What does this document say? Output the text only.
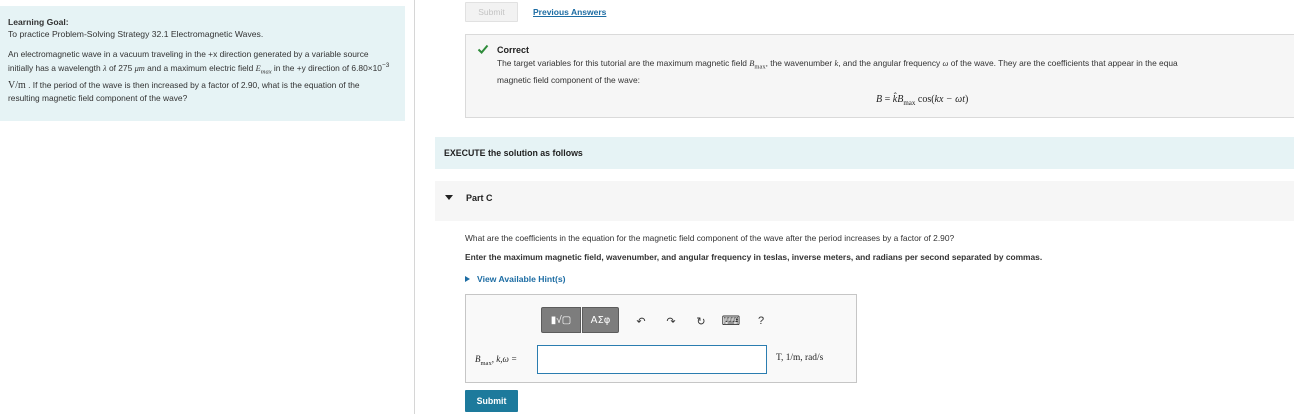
Learning Goal:
To practice Problem-Solving Strategy 32.1 Electromagnetic Waves.
An electromagnetic wave in a vacuum traveling in the +x direction generated by a variable source initially has a wavelength λ of 275 μm and a maximum electric field $E_{max}$ in the +y direction of $6.80\times 10^{-3}$ V/m . If the period of the wave is then increased by a factor of 2.90, what is the equation of the resulting magnetic field component of the wave?
Submit	Previous Answers
Correct
The target variables for this tutorial are the maximum magnetic field $B_{max}$, the wavenumber k, and the angular frequency ω of the wave. They are the coefficients that appear in the equa
magnetic field component of the wave:
$B = k̂B_{max}$ cos(kx − ωt)
EXECUTE the solution as follows
Part C
What are the coefficients in the equation for the magnetic field component of the wave after the period increases by a factor of 2.90?
Enter the maximum magnetic field, wavenumber, and angular frequency in teslas, inverse meters, and radians per second separated by commas.
View Available Hint(s)
▮√▢	ΑΣφ	↶	↷	↻ ⌨	?
$B_{max}$, k,ω =	T, 1/m, rad/s
Submit
